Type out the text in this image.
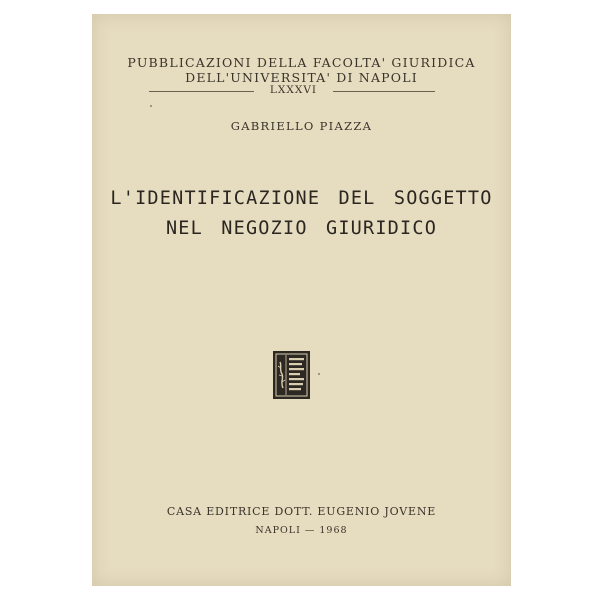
PUBBLICAZIONI DELLA FACOLTA' GIURIDICA
DELL'UNIVERSITA' DI NAPOLI
LXXXVI
GABRIELLO PIAZZA
L'IDENTIFICAZIONE DEL SOGGETTO
NEL NEGOZIO GIURIDICO
CASA EDITRICE DOTT. EUGENIO JOVENE
NAPOLI — 1968
